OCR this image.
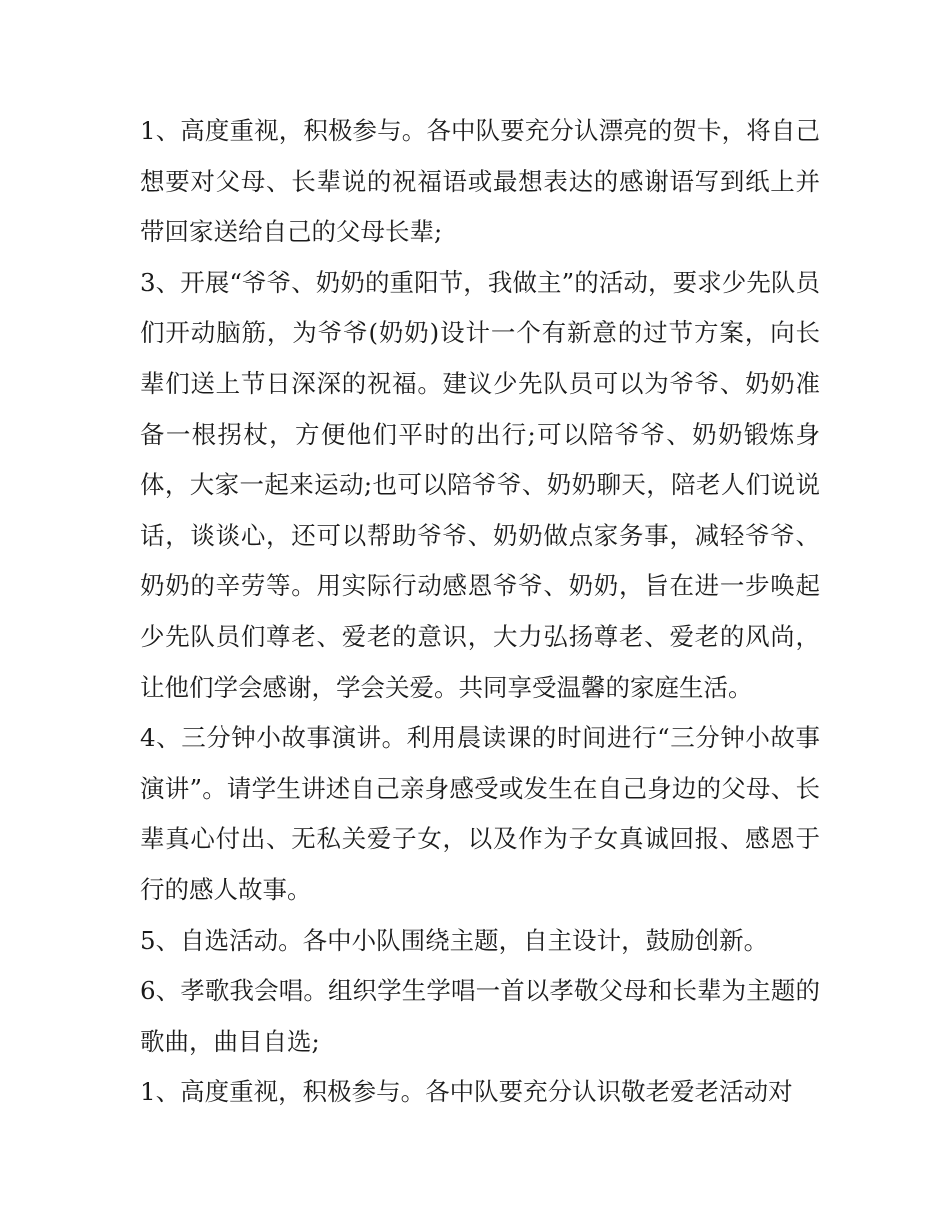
1、高度重视，积极参与。各中队要充分认漂亮的贺卡，将自己想要对父母、长辈说的祝福语或最想表达的感谢语写到纸上并带回家送给自己的父母长辈;

3、开展“爷爷、奶奶的重阳节，我做主”的活动，要求少先队员们开动脑筋，为爷爷(奶奶)设计一个有新意的过节方案，向长辈们送上节日深深的祝福。建议少先队员可以为爷爷、奶奶准备一根拐杖，方便他们平时的出行;可以陪爷爷、奶奶锻炼身体，大家一起来运动;也可以陪爷爷、奶奶聊天，陪老人们说说话，谈谈心，还可以帮助爷爷、奶奶做点家务事，减轻爷爷、奶奶的辛劳等。用实际行动感恩爷爷、奶奶，旨在进一步唤起少先队员们尊老、爱老的意识，大力弘扬尊老、爱老的风尚，让他们学会感谢，学会关爱。共同享受温馨的家庭生活。

4、三分钟小故事演讲。利用晨读课的时间进行“三分钟小故事演讲”。请学生讲述自己亲身感受或发生在自己身边的父母、长辈真心付出、无私关爱子女，以及作为子女真诚回报、感恩于行的感人故事。

5、自选活动。各中小队围绕主题，自主设计，鼓励创新。

6、孝歌我会唱。组织学生学唱一首以孝敬父母和长辈为主题的歌曲，曲目自选;

1、高度重视，积极参与。各中队要充分认识敬老爱老活动对
